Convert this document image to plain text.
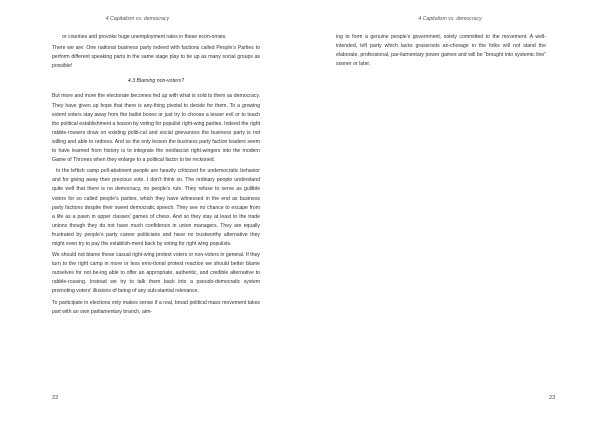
4 Capitalism vs. democracy

or counties and provoke huge unemployment rates in these econ-omies.

There we are: One national business party indeed with factions called People’s Parties to perform different speaking parts in the same stage play to tie up as many social groups as possible!

4.3 Blaming non-voters?

But more and more the electorate becomes fed up with what is sold to them as democracy. They have given up hope that there is any-thing pivotal to decide for them. To a growing extent voters stay away from the ballot boxes or just try to choose a lesser evil or to teach the political establishment a lesson by voting for populist right-wing parties. Indeed the right rabble-rousers draw on existing politi-cal and social grievances the business party is not willing and able to redress. And so the only lesson the business party faction leaders seem to have learned from history is to integrate the neofascist right-wingers into the modern Game of Thrones when they enlarge to a political factor to be reckoned.

In the leftish camp poll-abstinent people are heavily criticized for undemocratic behavior and for giving away their precious vote. I don’t think so. The ordinary people understand quite well that there is no democracy, no people’s rule. They refuse to serve as gullible voters for so called people’s parties, which they have witnessed in the end as business party factions despite their sweet democratic speech. They see no chance to escape from a life as a pawn in upper classes’ games of chess. And so they stay at least to the trade unions though they do not have much confidence in union managers. They are equally frustrated by people’s party career politicians and have no trustworthy alternative they might even try to pay the establish-ment back by voting for right wing populists.

We should not blame these casual right-wing protest voters or non-voters in general. If they turn to the right camp in more or less emo-tional protest reaction we should better blame ourselves for not be-ing able to offer an appropriate, authentic, and credible alternative to rabble-rousing. Instead we try to talk them back into a pseudo-democratic system promoting voters’ illusions of being of any sub-stantial relevance.

To participate in elections only makes sense if a real, broad political mass movement takes part with an own parliamentary branch, aim-

22
4 Capitalism vs. democracy

ing to form a genuine people’s government, solely committed to the movement. A well-intended, left party which lacks grassroots an-chorage in the folks will not stand the elaborate, professional, par-liamentary power games and will be “brought into systemic line” sooner or later.

23
